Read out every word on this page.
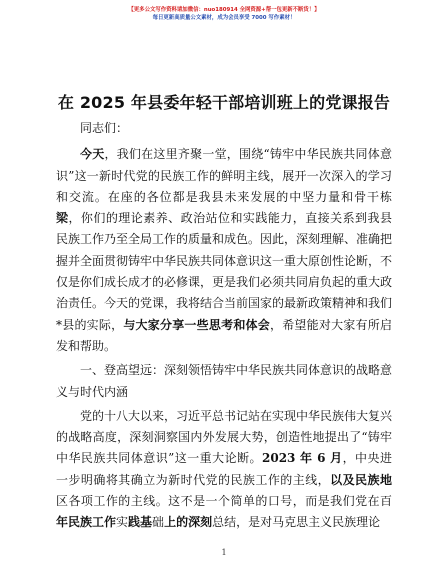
【更多公文写作资料请加微信：nuo180914 全网资源+帮一包更新不断货！】
每日更新高质量公文素材，成为会员享受 7000 写作素材！
在 2025 年县委年轻干部培训班上的党课报告

同志们：

今天，我们在这里齐聚一堂，围绕“铸牢中华民族共同体意识”这一新时代党的民族工作的鲜明主线，展开一次深入的学习和交流。在座的各位都是我县未来发展的中坚力量和骨干栋梁，你们的理论素养、政治站位和实践能力，直接关系到我县民族工作乃至全局工作的质量和成色。因此，深刻理解、准确把握并全面贯彻铸牢中华民族共同体意识这一重大原创性论断，不仅是你们成长成才的必修课，更是我们必须共同肩负起的重大政治责任。今天的党课，我将结合当前国家的最新政策精神和我们*县的实际，与大家分享一些思考和体会，希望能对大家有所启发和帮助。

一、登高望远：深刻领悟铸牢中华民族共同体意识的战略意义与时代内涵

党的十八大以来，习近平总书记站在实现中华民族伟大复兴的战略高度，深刻洞察国内外发展大势，创造性地提出了“铸牢中华民族共同体意识”这一重大论断。2023 年 6 月，中央进一步明确将其确立为新时代党的民族工作的主线，以及民族地区各项工作的主线。这不是一个简单的口号，而是我们党在百年民族工作实践基础上的深刻总结，是对马克思主义民族理论

1
